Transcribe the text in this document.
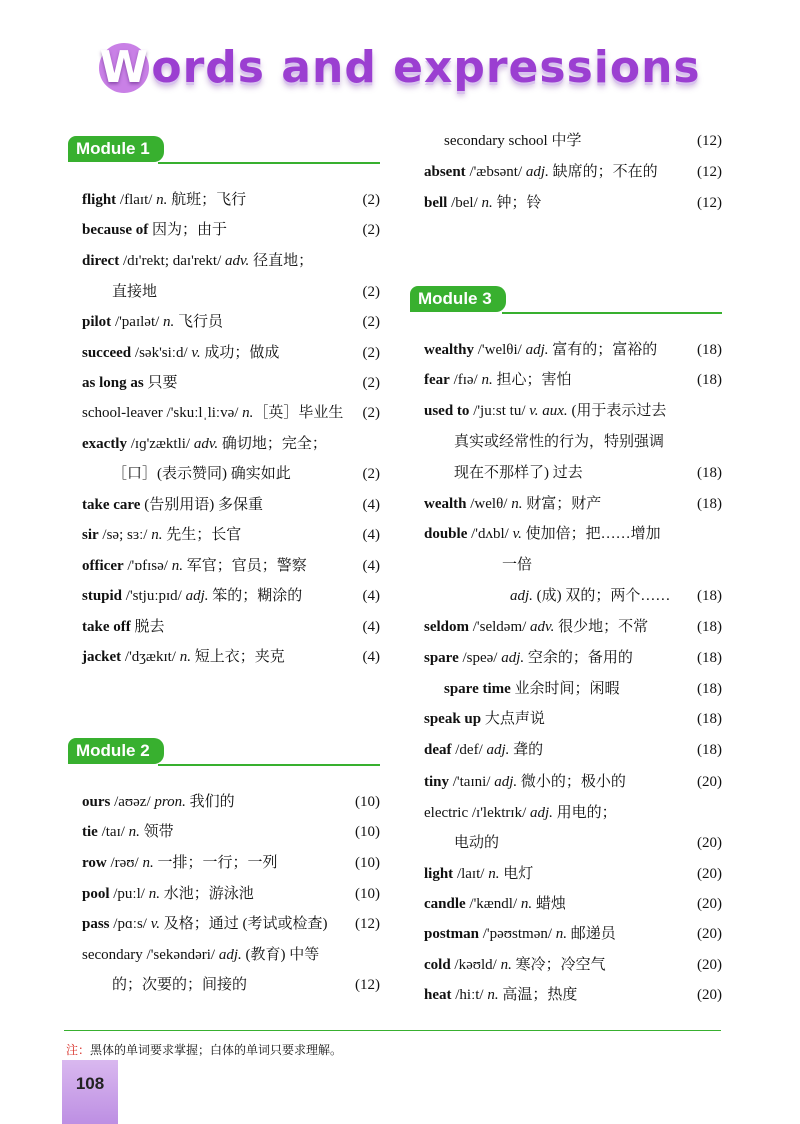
Words and expressions
Module 1
Module 2
Module 3
flight /flaɪt/ n. 航班；飞行	(2)
because of 因为；由于	(2)
direct /dɪ'rekt; daɪ'rekt/ adv. 径直地；
直接地	(2)
pilot /'paɪlət/ n. 飞行员	(2)
succeed /sək'siːd/ v. 成功；做成	(2)
as long as 只要	(2)
school-leaver /'skuːlˌliːvə/ n.［英］毕业生 (2)
exactly /ɪɡ'zæktli/ adv. 确切地；完全；
［口］(表示赞同) 确实如此	(2)
take care (告别用语) 多保重	(4)
sir /sə; sɜː/ n. 先生；长官	(4)
officer /'ɒfɪsə/ n. 军官；官员；警察	(4)
stupid /'stjuːpɪd/ adj. 笨的；糊涂的	(4)
take off 脱去	(4)
jacket /'dʒækɪt/ n. 短上衣；夹克	(4)
ours /aʊəz/ pron. 我们的	(10)
tie /taɪ/ n. 领带	(10)
row /rəʊ/ n. 一排；一行；一列	(10)
pool /puːl/ n. 水池；游泳池	(10)
pass /pɑːs/ v. 及格；通过 (考试或检查) (12)
secondary /'sekəndəri/ adj. (教育) 中等
的；次要的；间接的	(12)
secondary school 中学	(12)
absent /'æbsənt/ adj. 缺席的；不在的	(12)
bell /bel/ n. 钟；铃	(12)
wealthy /'welθi/ adj. 富有的；富裕的	(18)
fear /fɪə/ n. 担心；害怕	(18)
used to /'juːst tu/ v. aux. (用于表示过去
真实或经常性的行为，特别强调
现在不那样了) 过去	(18)
wealth /welθ/ n. 财富；财产	(18)
double /'dʌbl/ v. 使加倍；把……增加
一倍
adj. (成) 双的；两个…… (18)
seldom /'seldəm/ adv. 很少地；不常	(18)
spare /speə/ adj. 空余的；备用的	(18)
spare time 业余时间；闲暇	(18)
speak up 大点声说	(18)
deaf /def/ adj. 聋的	(18)
tiny /'taɪni/ adj. 微小的；极小的	(20)
electric /ɪ'lektrɪk/ adj. 用电的；
电动的	(20)
light /laɪt/ n. 电灯	(20)
candle /'kændl/ n. 蜡烛	(20)
postman /'pəʊstmən/ n. 邮递员	(20)
cold /kəʊld/ n. 寒冷；冷空气	(20)
heat /hiːt/ n. 高温；热度	(20)
注：黑体的单词要求掌握；白体的单词只要求理解。
108
